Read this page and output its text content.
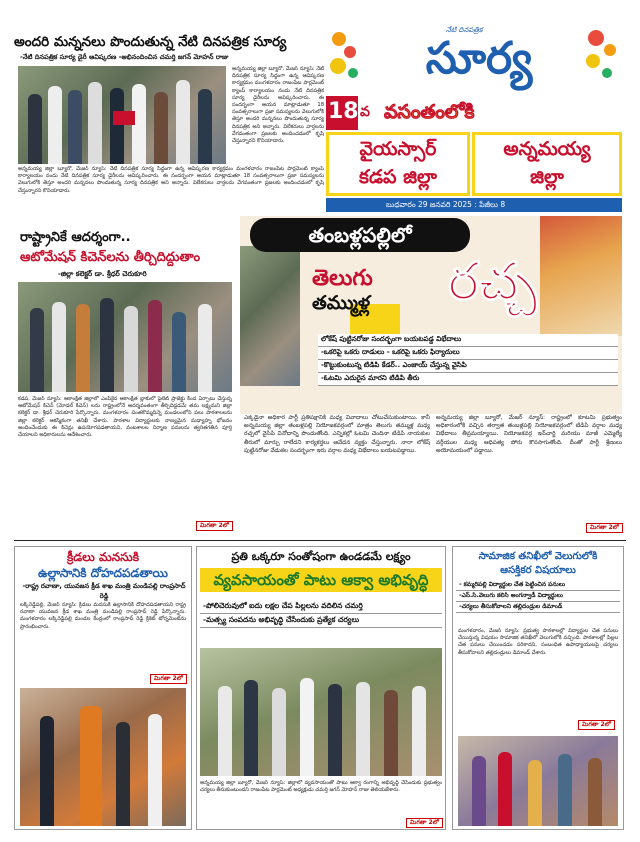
అందరి మన్ననలు పొందుతున్న నేటి దినపత్రిక సూర్య
-నేటి దినపత్రిక సూర్య డైరీ ఆవిష్కరణ -అభినందించిన చమర్తి జగన్ మోహన్ రాజు
అన్నమయ్య జిల్లా బ్యూరో, మేజర్ న్యూస్: నేటి దినపత్రిక సూర్య సిద్ధంగా ఉన్న ఆవిష్కరణ కార్యక్రమం మంగళవారం రాజంపేట పార్లమెంట్ క్యాంప్ కార్యాలయం నందు నేటి దినపత్రిక సూర్య డైరీలను ఆవిష్కరించారు. ఈ సందర్భంగా ఆయన మాట్లాడుతూ 18 సంవత్సరాలుగా ప్రజా సమస్యలను వెలుగులోకి తెస్తూ అందరి మన్ననలు పొందుతున్న సూర్య దినపత్రిక అని అన్నారు. విలేకరులు వార్తలను వేగవంతంగా ప్రజలకు అందించడంలో కృషి చేస్తున్నారని కొనియాడారు.
అన్నమయ్య జిల్లా బ్యూరో, మేజర్ న్యూస్: నేటి దినపత్రిక సూర్య సిద్ధంగా ఉన్న ఆవిష్కరణ కార్యక్రమం మంగళవారం రాజంపేట పార్లమెంట్ క్యాంప్ కార్యాలయం నందు నేటి దినపత్రిక సూర్య డైరీలను ఆవిష్కరించారు. ఈ సందర్భంగా ఆయన మాట్లాడుతూ 18 సంవత్సరాలుగా ప్రజా సమస్యలను వెలుగులోకి తెస్తూ అందరి మన్ననలు పొందుతున్న సూర్య దినపత్రిక అని అన్నారు. విలేకరులు వార్తలను వేగవంతంగా ప్రజలకు అందించడంలో కృషి చేస్తున్నారని కొనియాడారు.
నేటి దినపత్రిక
సూర్య
18 వ వసంతంలోకి
వైయస్సార్
కడప జిల్లా
అన్నమయ్య
జిల్లా
బుధవారం 29 జనవరి 2025 : పేజీలు 8
రాష్ట్రానికే ఆదర్శంగా..
ఆటోమేషన్ కిచెన్‌లను తీర్చిదిద్దుతాం
-జిల్లా కలెక్టర్ డా. శ్రీధర్ చెరుకూరి
కడప, మేజర్ న్యూస్: ఆకాంక్షిత జిల్లాలో ఎంపికైన ఆకాంక్షిత బ్లాకులో పైలెట్ ప్రాజెక్టు కింద ఏర్పాటు చేస్తున్న ఆటోమేషన్ కిచెన్ (మోడల్ కిచెన్) లను రాష్ట్రంలోనే ఆదర్శవంతంగా తీర్చిదిద్దడమే తమ లక్ష్యమని జిల్లా కలెక్టర్ డా. శ్రీధర్ చెరుకూరి పేర్కొన్నారు. మంగళవారం చింతకొమ్మదిన్నె మండలంలోని పలు పాఠశాలలను జిల్లా కలెక్టర్ ఆకస్మికంగా తనిఖీ చేశారు. పాఠశాల విద్యార్థులకు నాణ్యమైన మధ్యాహ్న భోజనం అందించేందుకు ఈ కిచెన్లు ఉపయోగపడతాయని, వంటశాలల నిర్మాణ పనులను త్వరితగతిన పూర్తి చేయాలని అధికారులను ఆదేశించారు.
మిగతా 2లో
తంబళ్లపల్లిలో
తెలుగు
తమ్ముళ్ల రచ్చ
లోకేష్ పుట్టినరోజు సందర్భంగా బయటపడ్డ విభేదాలు
-ఒకరిపై ఒకరు దాడులు - ఒకరిపై ఒకరు ఫిర్యాదులు
-కొట్టుకుంటున్న టిడిపి కేడర్.. ఎంజాయ్ చేస్తున్న వైసిపి
-ఓటమి ఎదురైన మారని టిడిపి తీరు
ఎక్కడైనా అధికార పార్టీ ప్రతిపక్షానికి మధ్య వివాదాలు చోటుచేసుకుంటాయి. కానీ అన్నమయ్య జిల్లా తంబళ్లపల్లి నియోజకవర్గంలో మాత్రం తెలుగు తమ్ముళ్ల మధ్య రచ్చలో వైసిపి వినోదాన్ని పొందుతోంది. ఎన్నికల్లో ఓటమి చెందినా టిడిపి నాయకుల తీరులో మార్పు రాలేదని కార్యకర్తలు ఆవేదన వ్యక్తం చేస్తున్నారు. నారా లోకేష్ పుట్టినరోజు వేడుకల సందర్భంగా ఇరు వర్గాల మధ్య విభేదాలు బయటపడ్డాయి.
అన్నమయ్య జిల్లా బ్యూరో, మేజర్ న్యూస్: రాష్ట్రంలో కూటమి ప్రభుత్వం అధికారంలోకి వచ్చిన తర్వాత తంబళ్లపల్లి నియోజకవర్గంలో టిడిపి వర్గాల మధ్య విభేదాలు తీవ్రమయ్యాయి. నియోజకవర్గ ఇన్‌చార్జి మరియు మాజీ ఎమ్మెల్యే వర్గీయుల మధ్య ఆధిపత్య పోరు కొనసాగుతోంది. దీంతో పార్టీ శ్రేణులు అయోమయంలో పడ్డాయి.
మిగతా 2లో
క్రీడలు మనసుకి
ఉల్లాసానికి దోహదపడతాయి
-రాష్ట్ర రవాణా, యువజన క్రీడ శాఖ మంత్రి మండిపల్లి రాంప్రసాద్ రెడ్డి
లక్కిరెడ్డిపల్లి, మేజర్ న్యూస్: క్రీడలు మనసుకి ఉల్లాసానికి దోహదపడతాయని రాష్ట్ర రవాణా యువజన క్రీడ శాఖ మంత్రి మండిపల్లి రాంప్రసాద్ రెడ్డి పేర్కొన్నారు. మంగళవారం లక్కిరెడ్డిపల్లి మండల కేంద్రంలో రాంప్రసాద్ రెడ్డి క్రికెట్ టోర్నమెంట్‌ను ప్రారంభించారు.
మిగతా 2లో
ప్రతి ఒక్కరూ సంతోషంగా ఉండడమే లక్ష్యం
వ్యవసాయంతో పాటు ఆక్వా అభివృద్ధి
-పోలిచెరువులో ఐదు లక్షల చేప పిల్లలను వదిలిన చమర్తి
-మత్స్య సంపదను అభివృద్ధి చేసేందుకు ప్రత్యేక చర్యలు
అన్నమయ్య జిల్లా బ్యూరో, మేజర్ న్యూస్: జిల్లాలో వ్యవసాయంతో పాటు ఆక్వా రంగాన్ని అభివృద్ధి చేసేందుకు ప్రభుత్వం చర్యలు తీసుకుంటుందని రాజంపేట పార్లమెంట్ అధ్యక్షుడు చమర్తి జగన్ మోహన్ రాజు తెలియజేశారు.
మిగతా 2లో
సామాజిక తనిఖీలో వెలుగులోకి
ఆసక్తికర విషయాలు
- కమ్మరిపల్లి విద్యార్థుల చేత పెట్టించిన పనులు
-ఎస్.సి.వెలుగు కలిసి అంగన్వాడీ విద్యార్థులు
-చర్యలు తీసుకోవాలని తల్లిదండ్రుల డిమాండ్
మంగళవారం, మేజర్ న్యూస్: ప్రభుత్వ పాఠశాలల్లో విద్యార్థుల చేత పనులు చేయిస్తున్న విషయం సామాజిక తనిఖీలో వెలుగులోకి వచ్చింది. పాఠశాలల్లో పిల్లల చేత పనులు చేయించడం సరికాదని, సంబంధిత ఉపాధ్యాయులపై చర్యలు తీసుకోవాలని తల్లిదండ్రులు డిమాండ్ చేశారు.
మిగతా 2లో
